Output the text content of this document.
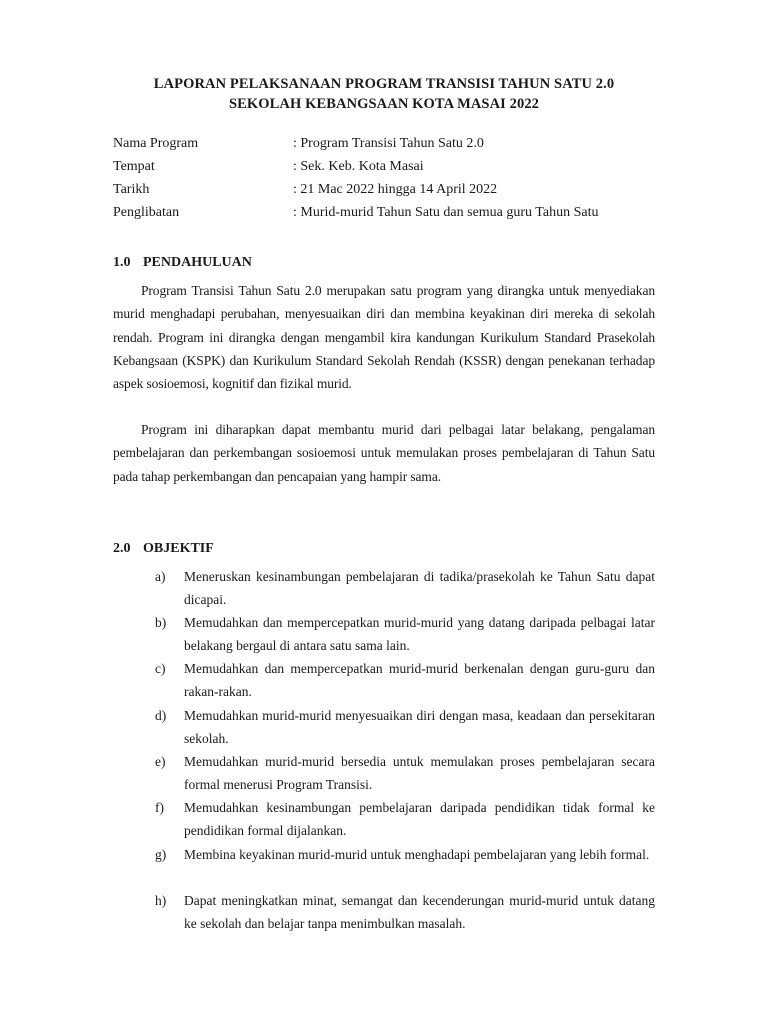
LAPORAN PELAKSANAAN PROGRAM TRANSISI TAHUN SATU 2.0
SEKOLAH KEBANGSAAN KOTA MASAI 2022
Nama Program	: Program Transisi Tahun Satu 2.0
Tempat	: Sek. Keb. Kota Masai
Tarikh	: 21 Mac 2022 hingga 14 April 2022
Penglibatan	: Murid-murid Tahun Satu dan semua guru Tahun Satu
1.0 PENDAHULUAN
Program Transisi Tahun Satu 2.0 merupakan satu program yang dirangka untuk menyediakan murid menghadapi perubahan, menyesuaikan diri dan membina keyakinan diri mereka di sekolah rendah. Program ini dirangka dengan mengambil kira kandungan Kurikulum Standard Prasekolah Kebangsaan (KSPK) dan Kurikulum Standard Sekolah Rendah (KSSR) dengan penekanan terhadap aspek sosioemosi, kognitif dan fizikal murid.
Program ini diharapkan dapat membantu murid dari pelbagai latar belakang, pengalaman pembelajaran dan perkembangan sosioemosi untuk memulakan proses pembelajaran di Tahun Satu pada tahap perkembangan dan pencapaian yang hampir sama.
2.0 OBJEKTIF
a) Meneruskan kesinambungan pembelajaran di tadika/prasekolah ke Tahun Satu dapat dicapai.
b) Memudahkan dan mempercepatkan murid-murid yang datang daripada pelbagai latar belakang bergaul di antara satu sama lain.
c) Memudahkan dan mempercepatkan murid-murid berkenalan dengan guru-guru dan rakan-rakan.
d) Memudahkan murid-murid menyesuaikan diri dengan masa, keadaan dan persekitaran sekolah.
e) Memudahkan murid-murid bersedia untuk memulakan proses pembelajaran secara formal menerusi Program Transisi.
f) Memudahkan kesinambungan pembelajaran daripada pendidikan tidak formal ke pendidikan formal dijalankan.
g) Membina keyakinan murid-murid untuk menghadapi pembelajaran yang lebih formal.
h) Dapat meningkatkan minat, semangat dan kecenderungan murid-murid untuk datang ke sekolah dan belajar tanpa menimbulkan masalah.
